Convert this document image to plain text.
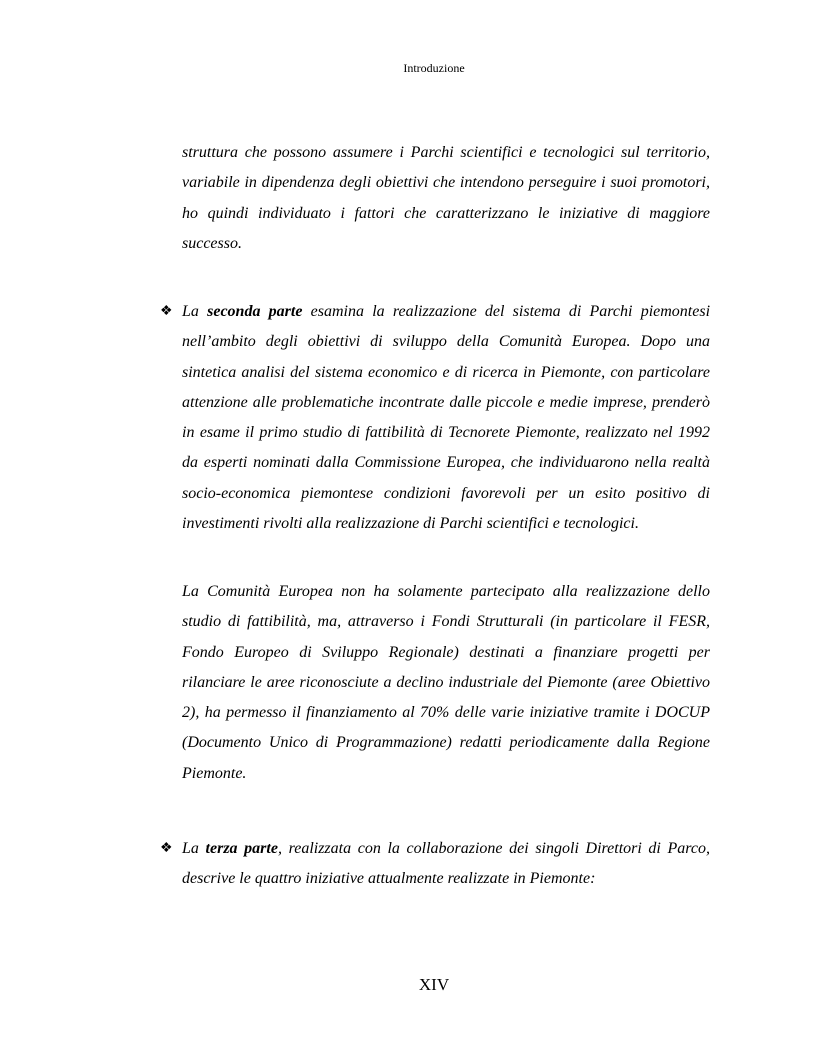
Introduzione

struttura che possono assumere i Parchi scientifici e tecnologici sul territorio, variabile in dipendenza degli obiettivi che intendono perseguire i suoi promotori, ho quindi individuato i fattori che caratterizzano le iniziative di maggiore successo.

❖ La seconda parte esamina la realizzazione del sistema di Parchi piemontesi nell’ambito degli obiettivi di sviluppo della Comunità Europea. Dopo una sintetica analisi del sistema economico e di ricerca in Piemonte, con particolare attenzione alle problematiche incontrate dalle piccole e medie imprese, prenderò in esame il primo studio di fattibilità di Tecnorete Piemonte, realizzato nel 1992 da esperti nominati dalla Commissione Europea, che individuarono nella realtà socio-economica piemontese condizioni favorevoli per un esito positivo di investimenti rivolti alla realizzazione di Parchi scientifici e tecnologici.

La Comunità Europea non ha solamente partecipato alla realizzazione dello studio di fattibilità, ma, attraverso i Fondi Strutturali (in particolare il FESR, Fondo Europeo di Sviluppo Regionale) destinati a finanziare progetti per rilanciare le aree riconosciute a declino industriale del Piemonte (aree Obiettivo 2), ha permesso il finanziamento al 70% delle varie iniziative tramite i DOCUP (Documento Unico di Programmazione) redatti periodicamente dalla Regione Piemonte.

❖ La terza parte, realizzata con la collaborazione dei singoli Direttori di Parco, descrive le quattro iniziative attualmente realizzate in Piemonte:

XIV
